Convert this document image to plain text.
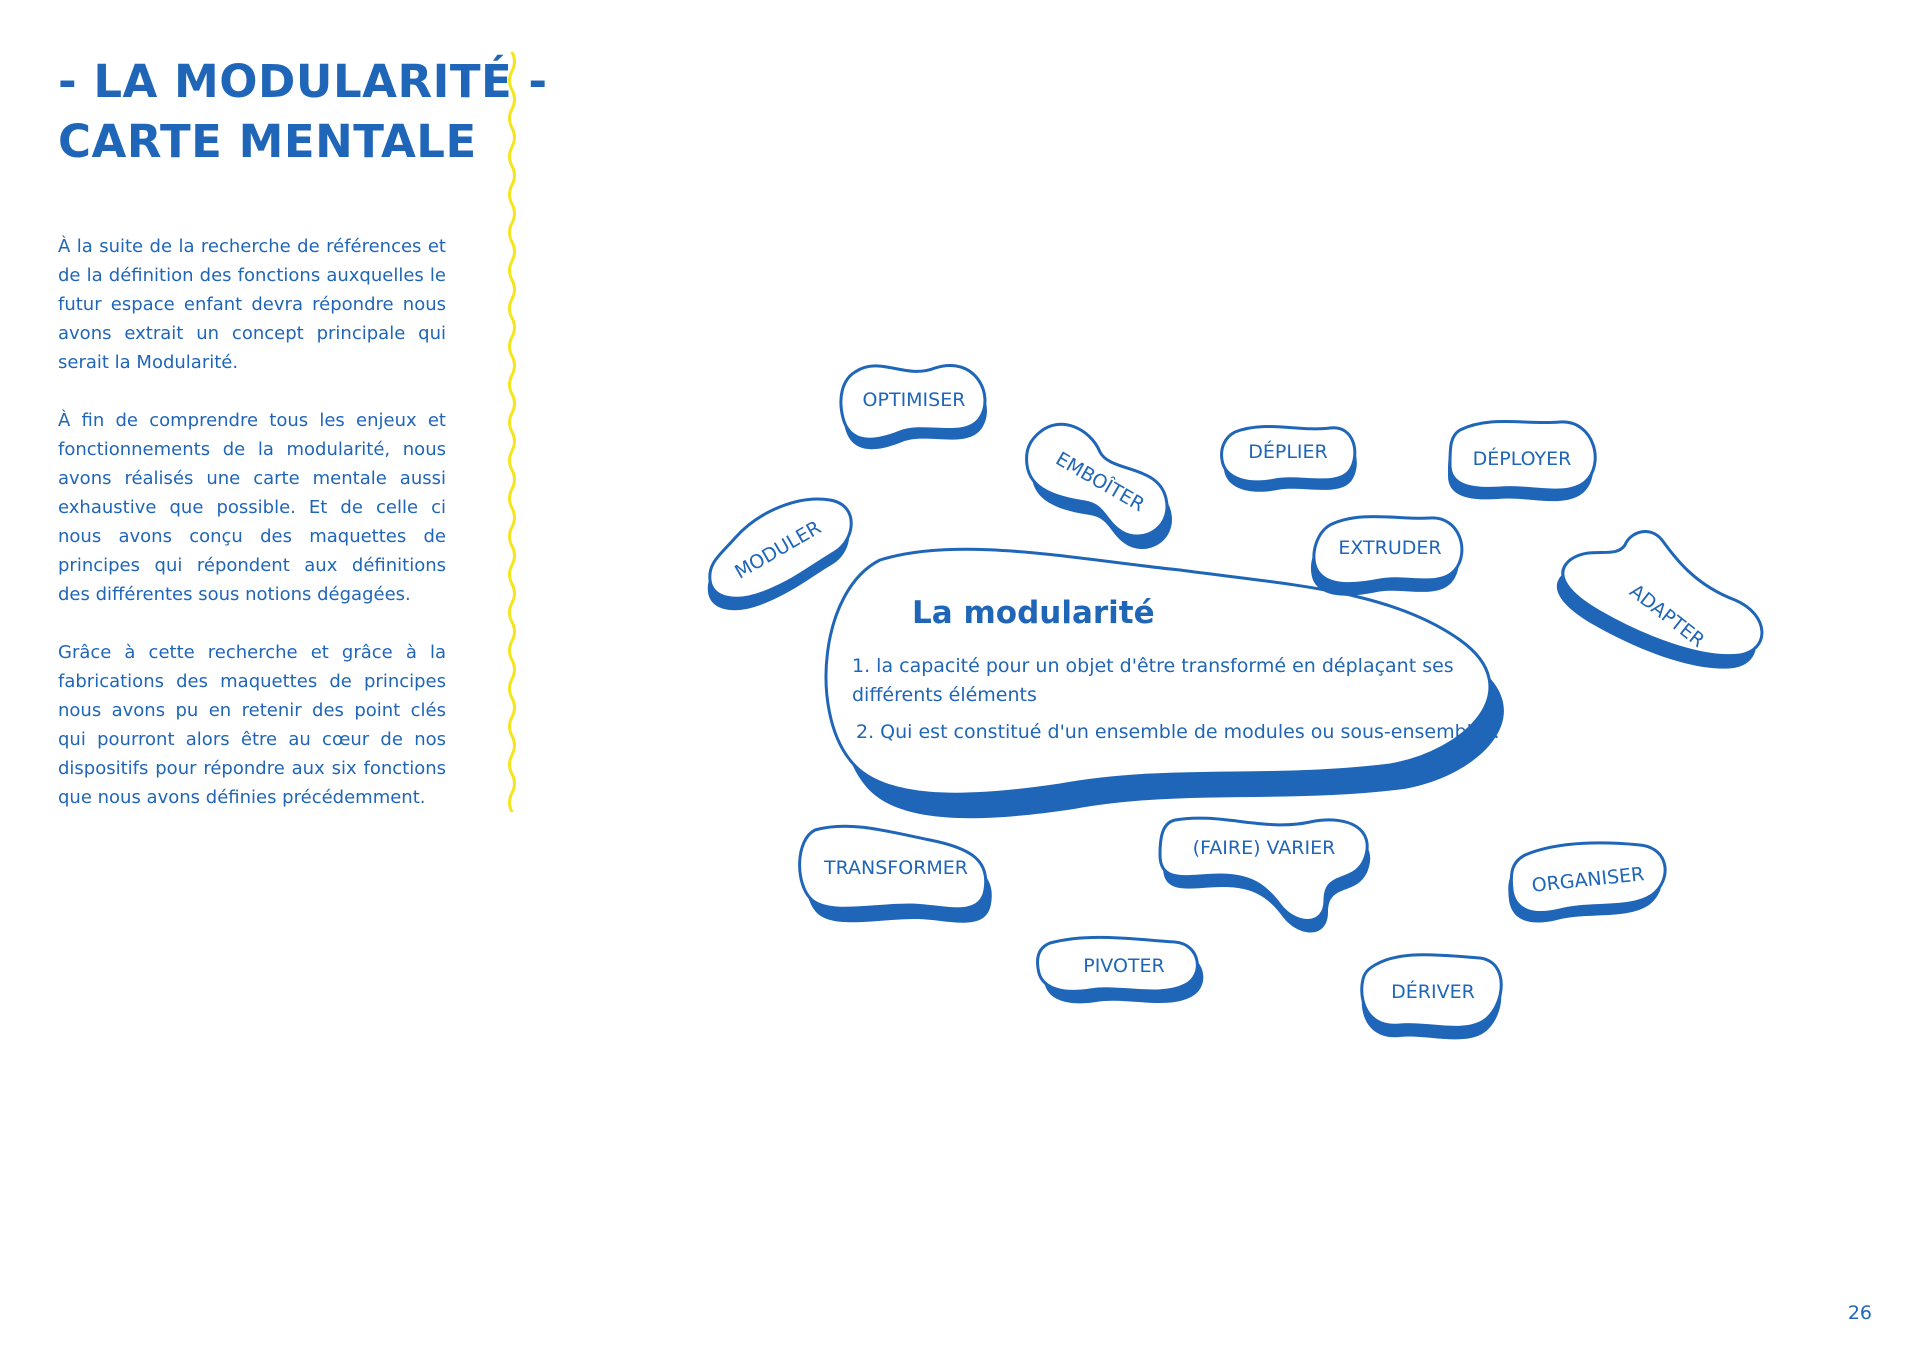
- LA MODULARITÉ -
CARTE MENTALE

À la suite de la recherche de références et de la définition des fonctions auxquelles le futur espace enfant devra répondre nous avons extrait un concept principale qui serait la Modularité.

À fin de comprendre tous les enjeux et fonctionnements de la modularité, nous avons réalisés une carte mentale aussi exhaustive que possible. Et de celle ci nous avons conçu des maquettes de principes qui répondent aux définitions des différentes sous notions dégagées.

Grâce à cette recherche et grâce à la fabrications des maquettes de principes nous avons pu en retenir des point clés qui pourront alors être au cœur de nos dispositifs pour répondre aux six fonctions que nous avons définies précédemment.

OPTIMISER
EMBOÎTER	DÉPLIER	DÉPLOYER
MODULER	EXTRUDER
ADAPTER
TRANSFORMER
(FAIRE) VARIER
ORGANISER
PIVOTER
DÉRIVER
La modularité
1. la capacité pour un objet d'être transformé en déplaçant ses différents éléments
2. Qui est constitué d'un ensemble de modules ou sous-ensembles.
26
